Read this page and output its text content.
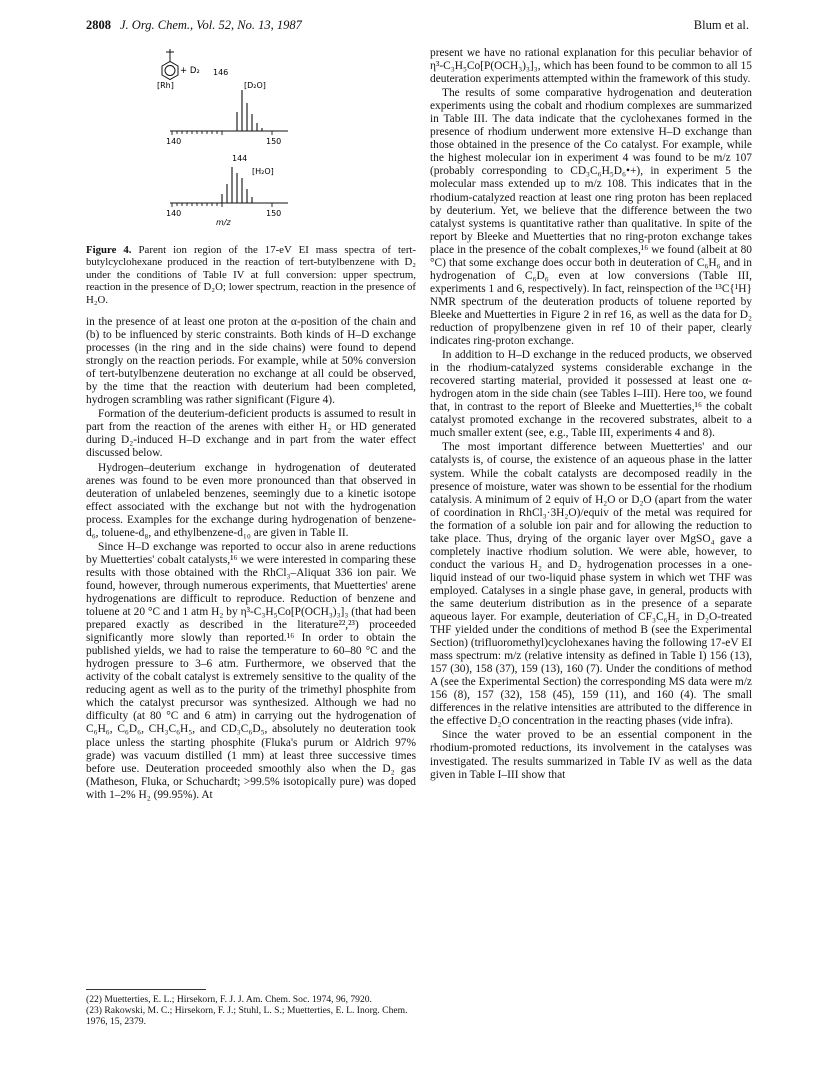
2808 J. Org. Chem., Vol. 52, No. 13, 1987	Blum et al.
+ D₂
[Rh]
146
[D₂O]
140	150
144
[H₂O]
140	150
m/z
Figure 4. Parent ion region of the 17-eV EI mass spectra of tert-butylcyclohexane produced in the reaction of tert-butylbenzene with D₂ under the conditions of Table IV at full conversion: upper spectrum, reaction in the presence of D₂O; lower spectrum, reaction in the presence of H₂O.

in the presence of at least one proton at the α-position of the chain and (b) to be influenced by steric constraints. Both kinds of H–D exchange processes (in the ring and in the side chains) were found to depend strongly on the reaction periods. For example, while at 50% conversion of tert-butylbenzene deuteration no exchange at all could be observed, by the time that the reaction with deuterium had been completed, hydrogen scrambling was rather significant (Figure 4).

Formation of the deuterium-deficient products is assumed to result in part from the reaction of the arenes with either H₂ or HD generated during D₂-induced H–D exchange and in part from the water effect discussed below.

Hydrogen–deuterium exchange in hydrogenation of deuterated arenes was found to be even more pronounced than that observed in deuteration of unlabeled benzenes, seemingly due to a kinetic isotope effect associated with the exchange but not with the hydrogenation process. Examples for the exchange during hydrogenation of benzene-d₆, toluene-d₈, and ethylbenzene-d₁₀ are given in Table II.

Since H–D exchange was reported to occur also in arene reductions by Muetterties' cobalt catalysts,¹⁶ we were interested in comparing these results with those obtained with the RhCl₃–Aliquat 336 ion pair. We found, however, through numerous experiments, that Muetterties' arene hydrogenations are difficult to reproduce. Reduction of benzene and toluene at 20 °C and 1 atm H₂ by η³-C₃H₅Co[P(OCH₃)₃]₃ (that had been prepared exactly as described in the literature²²,²³) proceeded significantly more slowly than reported.¹⁶ In order to obtain the published yields, we had to raise the temperature to 60–80 °C and the hydrogen pressure to 3–6 atm. Furthermore, we observed that the activity of the cobalt catalyst is extremely sensitive to the quality of the reducing agent as well as to the purity of the trimethyl phosphite from which the catalyst precursor was synthesized. Although we had no difficulty (at 80 °C and 6 atm) in carrying out the hydrogenation of C₆H₆, C₆D₆, CH₃C₆H₅, and CD₃C₆D₅, absolutely no deuteration took place unless the starting phosphite (Fluka's purum or Aldrich 97% grade) was vacuum distilled (1 mm) at least three successive times before use. Deuteration proceeded smoothly also when the D₂ gas (Matheson, Fluka, or Schuchardt; >99.5% isotopically pure) was doped with 1–2% H₂ (99.95%). At

(22) Muetterties, E. L.; Hirsekorn, F. J. J. Am. Chem. Soc. 1974, 96, 7920.
(23) Rakowski, M. C.; Hirsekorn, F. J.; Stuhl, L. S.; Muetterties, E. L. Inorg. Chem. 1976, 15, 2379.

present we have no rational explanation for this peculiar behavior of η³-C₃H₅Co[P(OCH₃)₃]₃, which has been found to be common to all 15 deuteration experiments attempted within the framework of this study.

The results of some comparative hydrogenation and deuteration experiments using the cobalt and rhodium complexes are summarized in Table III. The data indicate that the cyclohexanes formed in the presence of rhodium underwent more extensive H–D exchange than those obtained in the presence of the Co catalyst. For example, while the highest molecular ion in experiment 4 was found to be m/z 107 (probably corresponding to CD₃C₆H₅D₆•+), in experiment 5 the molecular mass extended up to m/z 108. This indicates that in the rhodium-catalyzed reaction at least one ring proton has been replaced by deuterium. Yet, we believe that the difference between the two catalyst systems is quantitative rather than qualitative. In spite of the report by Bleeke and Muetterties that no ring-proton exchange takes place in the presence of the cobalt complexes,¹⁶ we found (albeit at 80 °C) that some exchange does occur both in deuteration of C₆H₆ and in hydrogenation of C₆D₆ even at low conversions (Table III, experiments 1 and 6, respectively). In fact, reinspection of the ¹³C{¹H} NMR spectrum of the deuteration products of toluene reported by Bleeke and Muetterties in Figure 2 in ref 16, as well as the data for D₂ reduction of propylbenzene given in ref 10 of their paper, clearly indicates ring-proton exchange.

In addition to H–D exchange in the reduced products, we observed in the rhodium-catalyzed systems considerable exchange in the recovered starting material, provided it possessed at least one α-hydrogen atom in the side chain (see Tables I–III). Here too, we found that, in contrast to the report of Bleeke and Muetterties,¹⁶ the cobalt catalyst promoted exchange in the recovered substrates, albeit to a much smaller extent (see, e.g., Table III, experiments 4 and 8).

The most important difference between Muetterties' and our catalysts is, of course, the existence of an aqueous phase in the latter system. While the cobalt catalysts are decomposed readily in the presence of moisture, water was shown to be essential for the rhodium catalysis. A minimum of 2 equiv of H₂O or D₂O (apart from the water of coordination in RhCl₃·3H₂O)/equiv of the metal was required for the formation of a soluble ion pair and for allowing the reduction to take place. Thus, drying of the organic layer over MgSO₄ gave a completely inactive rhodium solution. We were able, however, to conduct the various H₂ and D₂ hydrogenation processes in a one-liquid instead of our two-liquid phase system in which wet THF was employed. Catalyses in a single phase gave, in general, products with the same deuterium distribution as in the presence of a separate aqueous layer. For example, deuteriation of CF₃C₆H₅ in D₂O-treated THF yielded under the conditions of method B (see the Experimental Section) (trifluoromethyl)cyclohexanes having the following 17-eV EI mass spectrum: m/z (relative intensity as defined in Table I) 156 (13), 157 (30), 158 (37), 159 (13), 160 (7). Under the conditions of method A (see the Experimental Section) the corresponding MS data were m/z 156 (8), 157 (32), 158 (45), 159 (11), and 160 (4). The small differences in the relative intensities are attributed to the difference in the effective D₂O concentration in the reacting phases (vide infra).

Since the water proved to be an essential component in the rhodium-promoted reductions, its involvement in the catalyses was investigated. The results summarized in Table IV as well as the data given in Table I–III show that
